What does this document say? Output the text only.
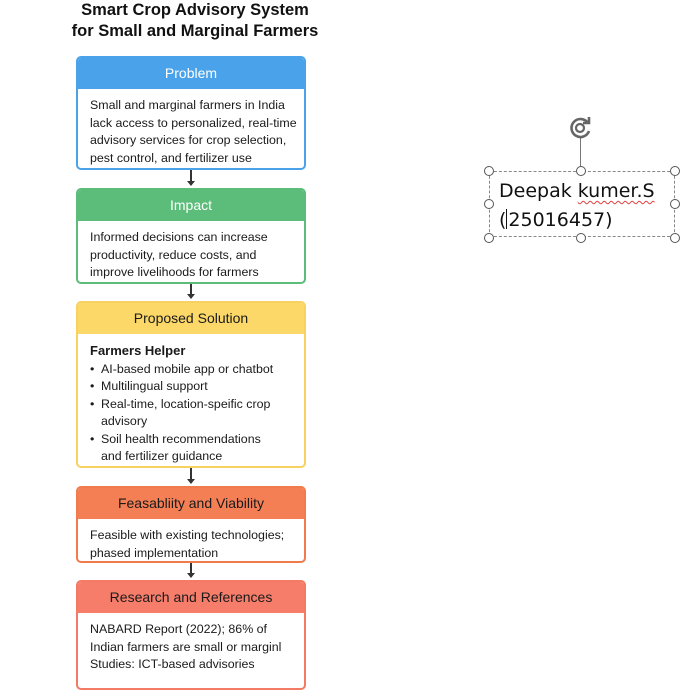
Smart Crop Advisory System
for Small and Marginal Farmers
Problem
Small and marginal farmers in India
lack access to personalized, real-time
advisory services for crop selection,
pest control, and fertilizer use
Impact
Informed decisions can increase
productivity, reduce costs, and
improve livelihoods for farmers
Proposed Solution
Farmers Helper
• AI-based mobile app or chatbot
• Multilingual support
• Real-time, location-speific crop
advisory
• Soil health recommendations
and fertilizer guidance
Feasabliity and Viability
Feasible with existing technologies;
phased implementation
Research and References
NABARD Report (2022); 86% of
Indian farmers are small or marginl
Studies: ICT-based advisories
Deepak kumer.S
( 25016457)
